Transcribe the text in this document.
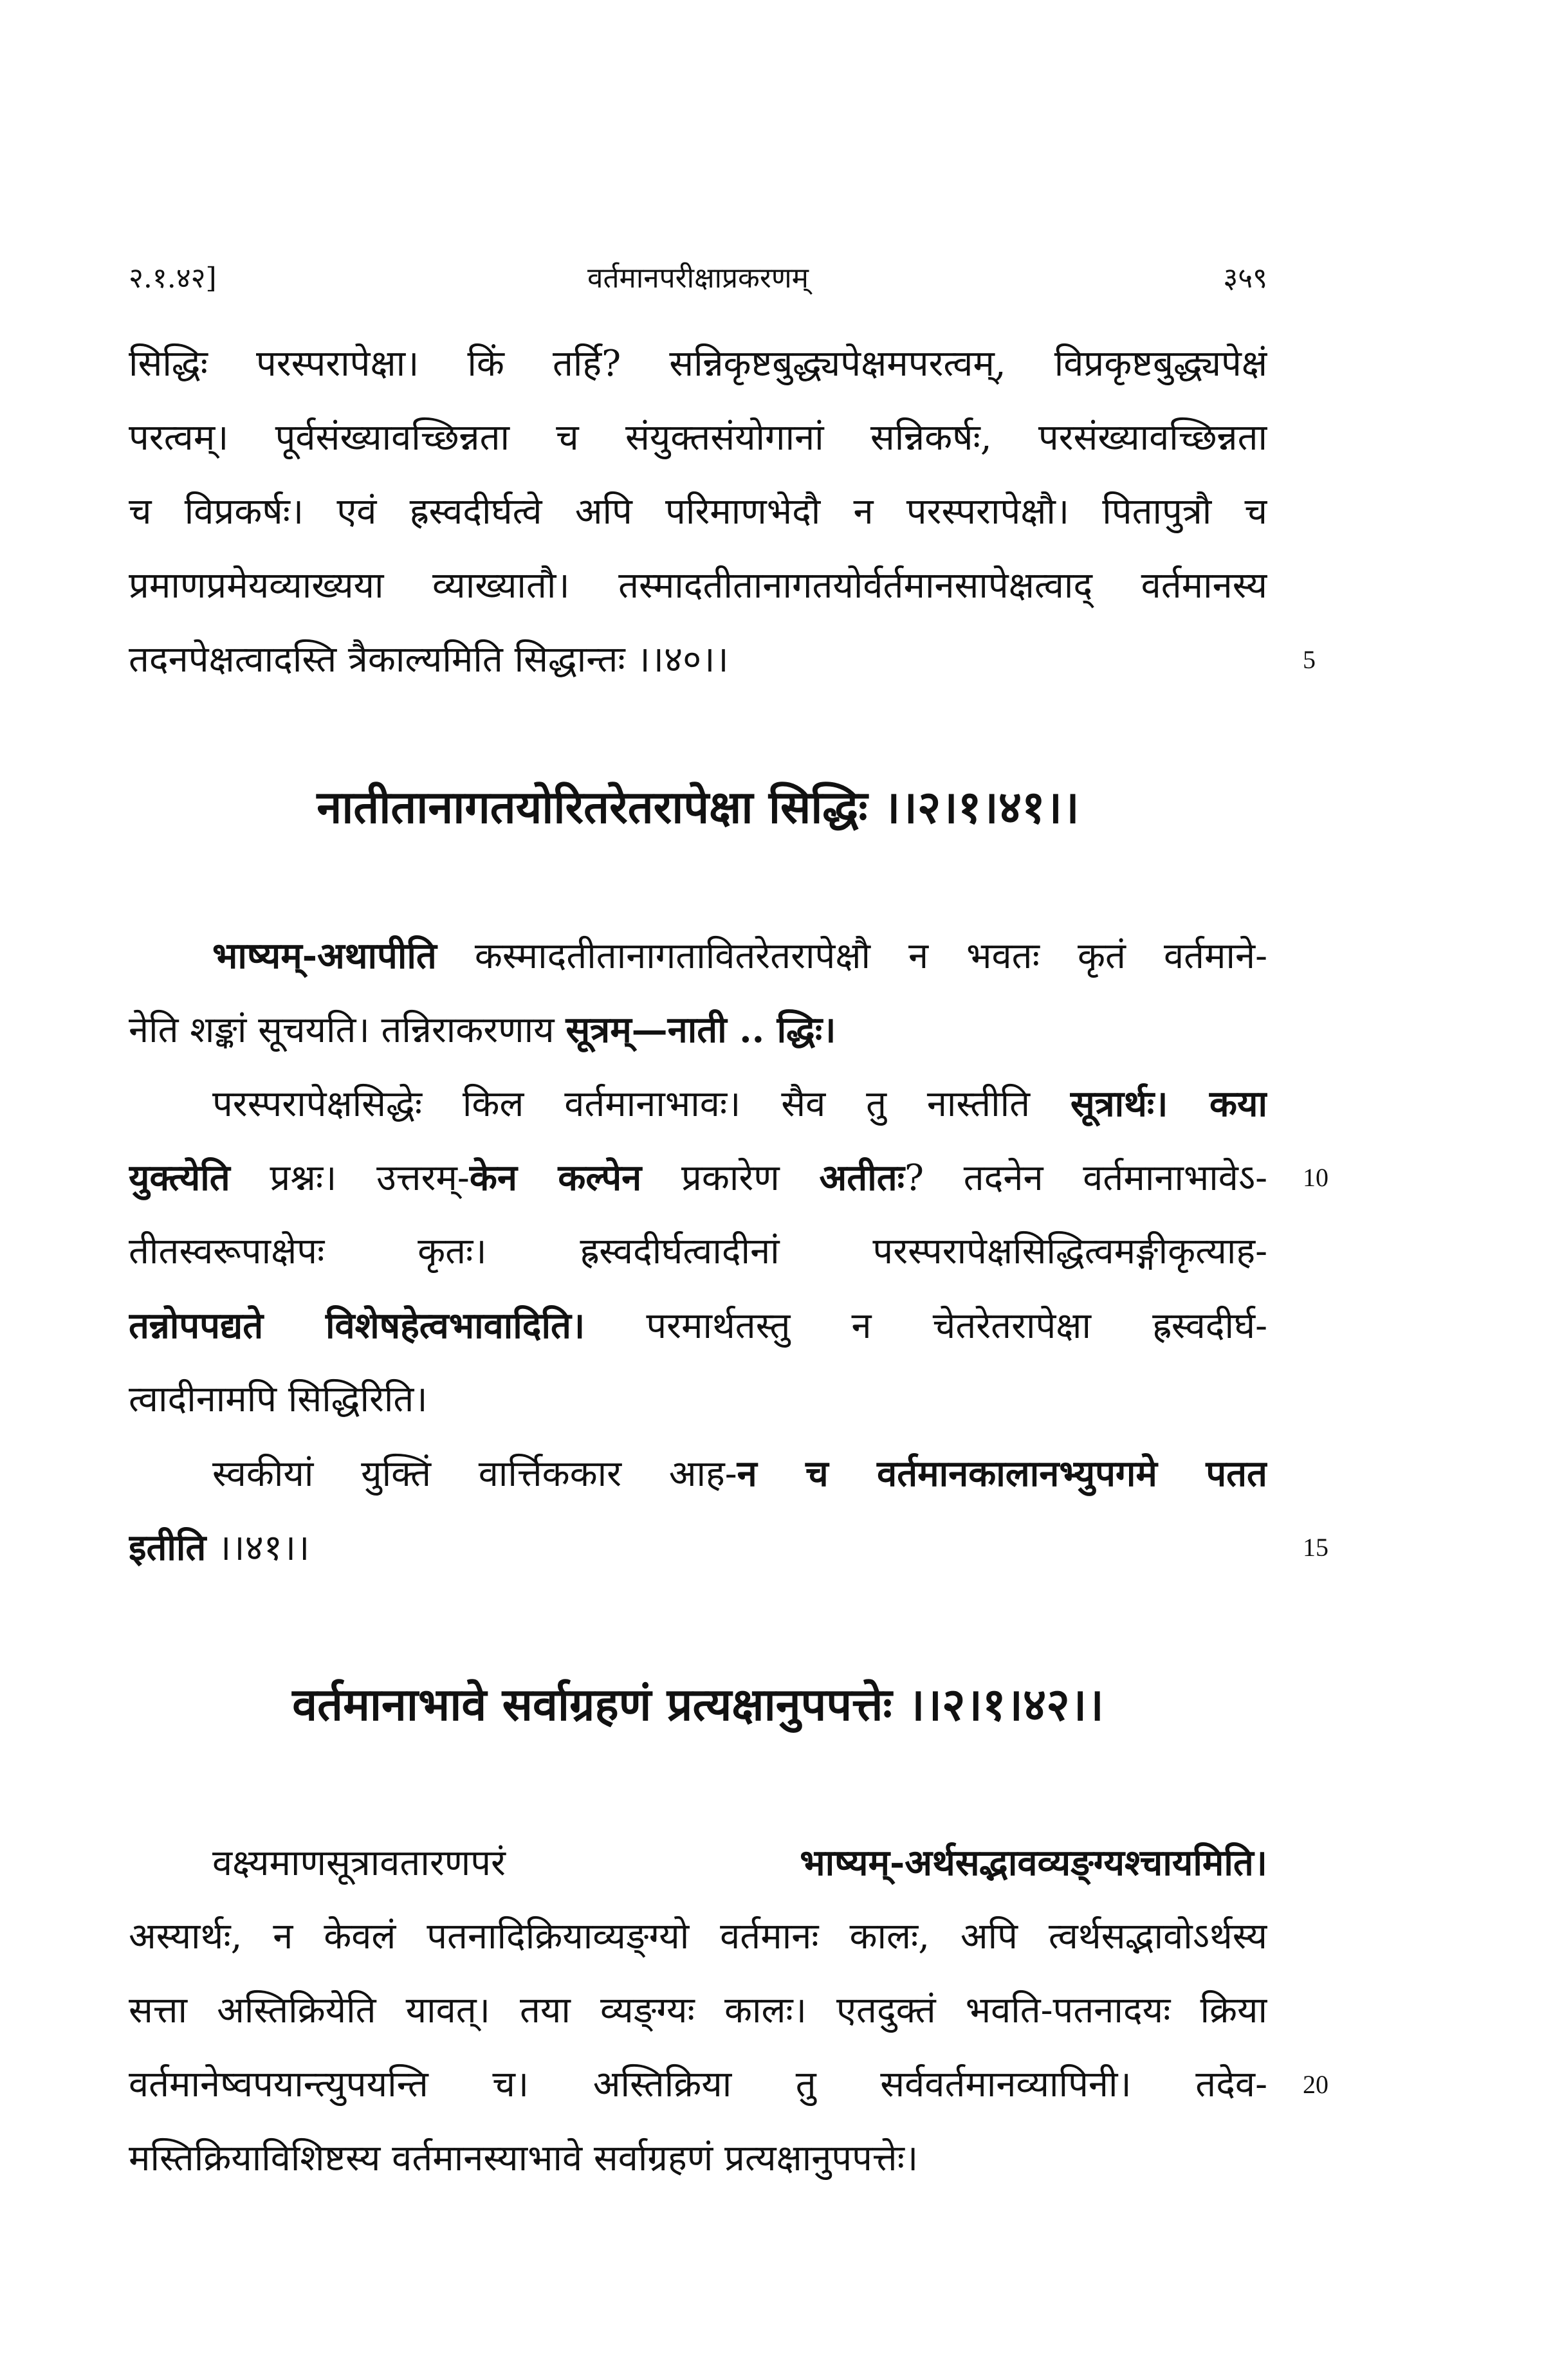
२.१.४२]	वर्तमानपरीक्षाप्रकरणम्	३५९
सिद्धिः परस्परापेक्षा। किं तर्हि? सन्निकृष्टबुद्ध्यपेक्षमपरत्वम्, विप्रकृष्टबुद्ध्यपेक्षं
परत्वम्। पूर्वसंख्यावच्छिन्नता च संयुक्तसंयोगानां सन्निकर्षः, परसंख्यावच्छिन्नता
च विप्रकर्षः। एवं ह्रस्वदीर्घत्वे अपि परिमाणभेदौ न परस्परापेक्षौ। पितापुत्रौ च
प्रमाणप्रमेयव्याख्यया व्याख्यातौ। तस्मादतीतानागतयोर्वर्तमानसापेक्षत्वाद् वर्तमानस्य
तदनपेक्षत्वादस्ति त्रैकाल्यमिति सिद्धान्तः ।।४०।।	5
नातीतानागतयोरितरेतरापेक्षा सिद्धिः ।।२।१।४१।।
भाष्यम्-अथापीति कस्मादतीतानागतावितरेतरापेक्षौ न भवतः कृतं वर्तमाने-
नेति शङ्कां सूचयति। तन्निराकरणाय सूत्रम्—नाती .. द्धिः।
परस्परापेक्षसिद्धेः किल वर्तमानाभावः। सैव तु नास्तीति सूत्रार्थः। कया
युक्त्येति प्रश्नः। उत्तरम्-केन कल्पेन प्रकारेण अतीतः? तदनेन वर्तमानाभावेऽ- 10
तीतस्वरूपाक्षेपः कृतः। ह्रस्वदीर्घत्वादीनां परस्परापेक्षसिद्धित्वमङ्गीकृत्याह-
तन्नोपपद्यते विशेषहेत्वभावादिति। परमार्थतस्तु न चेतरेतरापेक्षा ह्रस्वदीर्घ-
त्वादीनामपि सिद्धिरिति।
स्वकीयां युक्तिं वार्त्तिककार आह-न च वर्तमानकालानभ्युपगमे पतत
इतीति ।।४१।।	15
वर्तमानाभावे सर्वाग्रहणं प्रत्यक्षानुपपत्तेः ।।२।१।४२।।
वक्ष्यमाणसूत्रावतारणपरं भाष्यम्-अर्थसद्भावव्यङ्ग्यश्चायमिति।
अस्यार्थः, न केवलं पतनादिक्रियाव्यङ्ग्यो वर्तमानः कालः, अपि त्वर्थसद्भावोऽर्थस्य
सत्ता अस्तिक्रियेति यावत्। तया व्यङ्ग्यः कालः। एतदुक्तं भवति-पतनादयः क्रिया
वर्तमानेष्वपयान्त्युपयन्ति च। अस्तिक्रिया तु सर्ववर्तमानव्यापिनी। तदेव- 20
मस्तिक्रियाविशिष्टस्य वर्तमानस्याभावे सर्वाग्रहणं प्रत्यक्षानुपपत्तेः।
